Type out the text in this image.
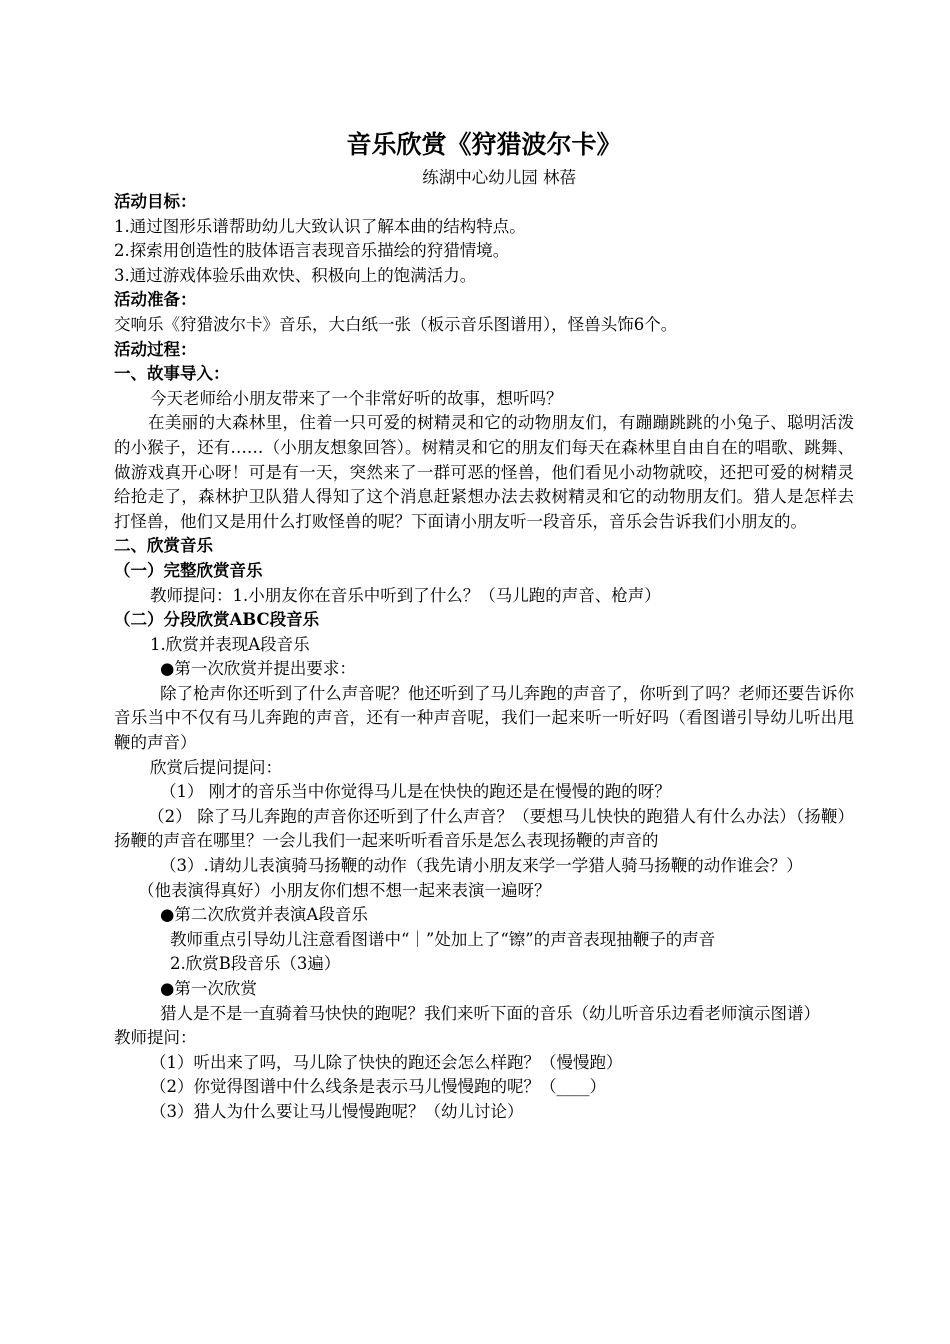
音乐欣赏《狩猎波尔卡》
练湖中心幼儿园 林蓓
活动目标：
1.通过图形乐谱帮助幼儿大致认识了解本曲的结构特点。
2.探索用创造性的肢体语言表现音乐描绘的狩猎情境。
3.通过游戏体验乐曲欢快、积极向上的饱满活力。
活动准备：
交响乐《狩猎波尔卡》音乐，大白纸一张（板示音乐图谱用），怪兽头饰6个。
活动过程：
一、故事导入：
今天老师给小朋友带来了一个非常好听的故事，想听吗？
在美丽的大森林里，住着一只可爱的树精灵和它的动物朋友们，有蹦蹦跳跳的小兔子、聪明活泼的小猴子，还有……（小朋友想象回答）。树精灵和它的朋友们每天在森林里自由自在的唱歌、跳舞、做游戏真开心呀！可是有一天，突然来了一群可恶的怪兽，他们看见小动物就咬，还把可爱的树精灵给抢走了，森林护卫队猎人得知了这个消息赶紧想办法去救树精灵和它的动物朋友们。猎人是怎样去打怪兽，他们又是用什么打败怪兽的呢？下面请小朋友听一段音乐，音乐会告诉我们小朋友的。
二、欣赏音乐
（一）完整欣赏音乐
教师提问：1.小朋友你在音乐中听到了什么？（马儿跑的声音、枪声）
（二）分段欣赏ABC段音乐
1.欣赏并表现A段音乐
●第一次欣赏并提出要求：
除了枪声你还听到了什么声音呢？他还听到了马儿奔跑的声音了，你听到了吗？老师还要告诉你音乐当中不仅有马儿奔跑的声音，还有一种声音呢，我们一起来听一听好吗（看图谱引导幼儿听出甩鞭的声音）
欣赏后提问提问：
（1） 刚才的音乐当中你觉得马儿是在快快的跑还是在慢慢的跑的呀？
（2） 除了马儿奔跑的声音你还听到了什么声音？（要想马儿快快的跑猎人有什么办法）（扬鞭）扬鞭的声音在哪里？一会儿我们一起来听听看音乐是怎么表现扬鞭的声音的
（3）.请幼儿表演骑马扬鞭的动作（我先请小朋友来学一学猎人骑马扬鞭的动作谁会？）
（他表演得真好）小朋友你们想不想一起来表演一遍呀？
●第二次欣赏并表演A段音乐
教师重点引导幼儿注意看图谱中“｜”处加上了“镲”的声音表现抽鞭子的声音
2.欣赏B段音乐（3遍）
●第一次欣赏
猎人是不是一直骑着马快快的跑呢？我们来听下面的音乐（幼儿听音乐边看老师演示图谱）
教师提问：
（1）听出来了吗，马儿除了快快的跑还会怎么样跑？（慢慢跑）
（2）你觉得图谱中什么线条是表示马儿慢慢跑的呢？（____）
（3）猎人为什么要让马儿慢慢跑呢？（幼儿讨论）
